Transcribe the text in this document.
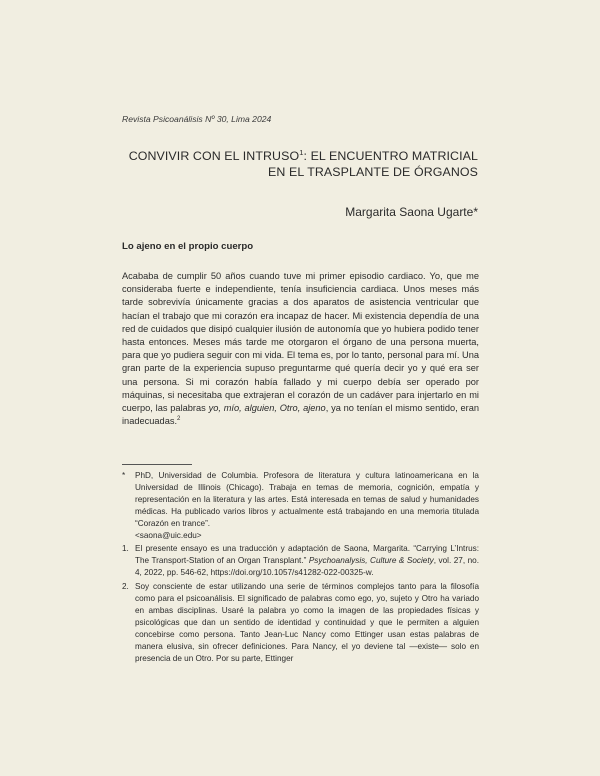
Revista Psicoanálisis Nº 30, Lima 2024
CONVIVIR CON EL INTRUSO$^1$: EL ENCUENTRO MATRICIAL
EN EL TRASPLANTE DE ÓRGANOS
Margarita Saona Ugarte*
Lo ajeno en el propio cuerpo

Acababa de cumplir 50 años cuando tuve mi primer episodio cardiaco. Yo, que me consideraba fuerte e independiente, tenía insuficiencia cardiaca. Unos meses más tarde sobrevivía únicamente gracias a dos aparatos de asistencia ventricular que hacían el trabajo que mi corazón era incapaz de hacer. Mi existencia dependía de una red de cuidados que disipó cualquier ilusión de autonomía que yo hubiera podido tener hasta entonces. Meses más tarde me otorgaron el órgano de una persona muerta, para que yo pudiera seguir con mi vida. El tema es, por lo tanto, personal para mí. Una gran parte de la experiencia supuso preguntarme qué quería decir yo y qué era ser una persona. Si mi corazón había fallado y mi cuerpo debía ser operado por máquinas, si necesitaba que extrajeran el corazón de un cadáver para injertarlo en mi cuerpo, las palabras yo, mío, alguien, Otro, ajeno, ya no tenían el mismo sentido, eran inadecuadas.$^2$

* PhD, Universidad de Columbia. Profesora de literatura y cultura latinoamericana en la Universidad de Illinois (Chicago). Trabaja en temas de memoria, cognición, empatía y representación en la literatura y las artes. Está interesada en temas de salud y humanidades médicas. Ha publicado varios libros y actualmente está trabajando en una memoria titulada “Corazón en trance”.
<saona@uic.edu>
1. El presente ensayo es una traducción y adaptación de Saona, Margarita. “Carrying L’Intrus: The Transport-Station of an Organ Transplant.” Psychoanalysis, Culture & Society, vol. 27, no. 4, 2022, pp. 546-62, https://doi.org/10.1057/s41282-022-00325-w.
2. Soy consciente de estar utilizando una serie de términos complejos tanto para la filosofía como para el psicoanálisis. El significado de palabras como ego, yo, sujeto y Otro ha variado en ambas disciplinas. Usaré la palabra yo como la imagen de las propiedades físicas y psicológicas que dan un sentido de identidad y continuidad y que le permiten a alguien concebirse como persona. Tanto Jean-Luc Nancy como Ettinger usan estas palabras de manera elusiva, sin ofrecer definiciones. Para Nancy, el yo deviene tal —existe— solo en presencia de un Otro. Por su parte, Ettinger
